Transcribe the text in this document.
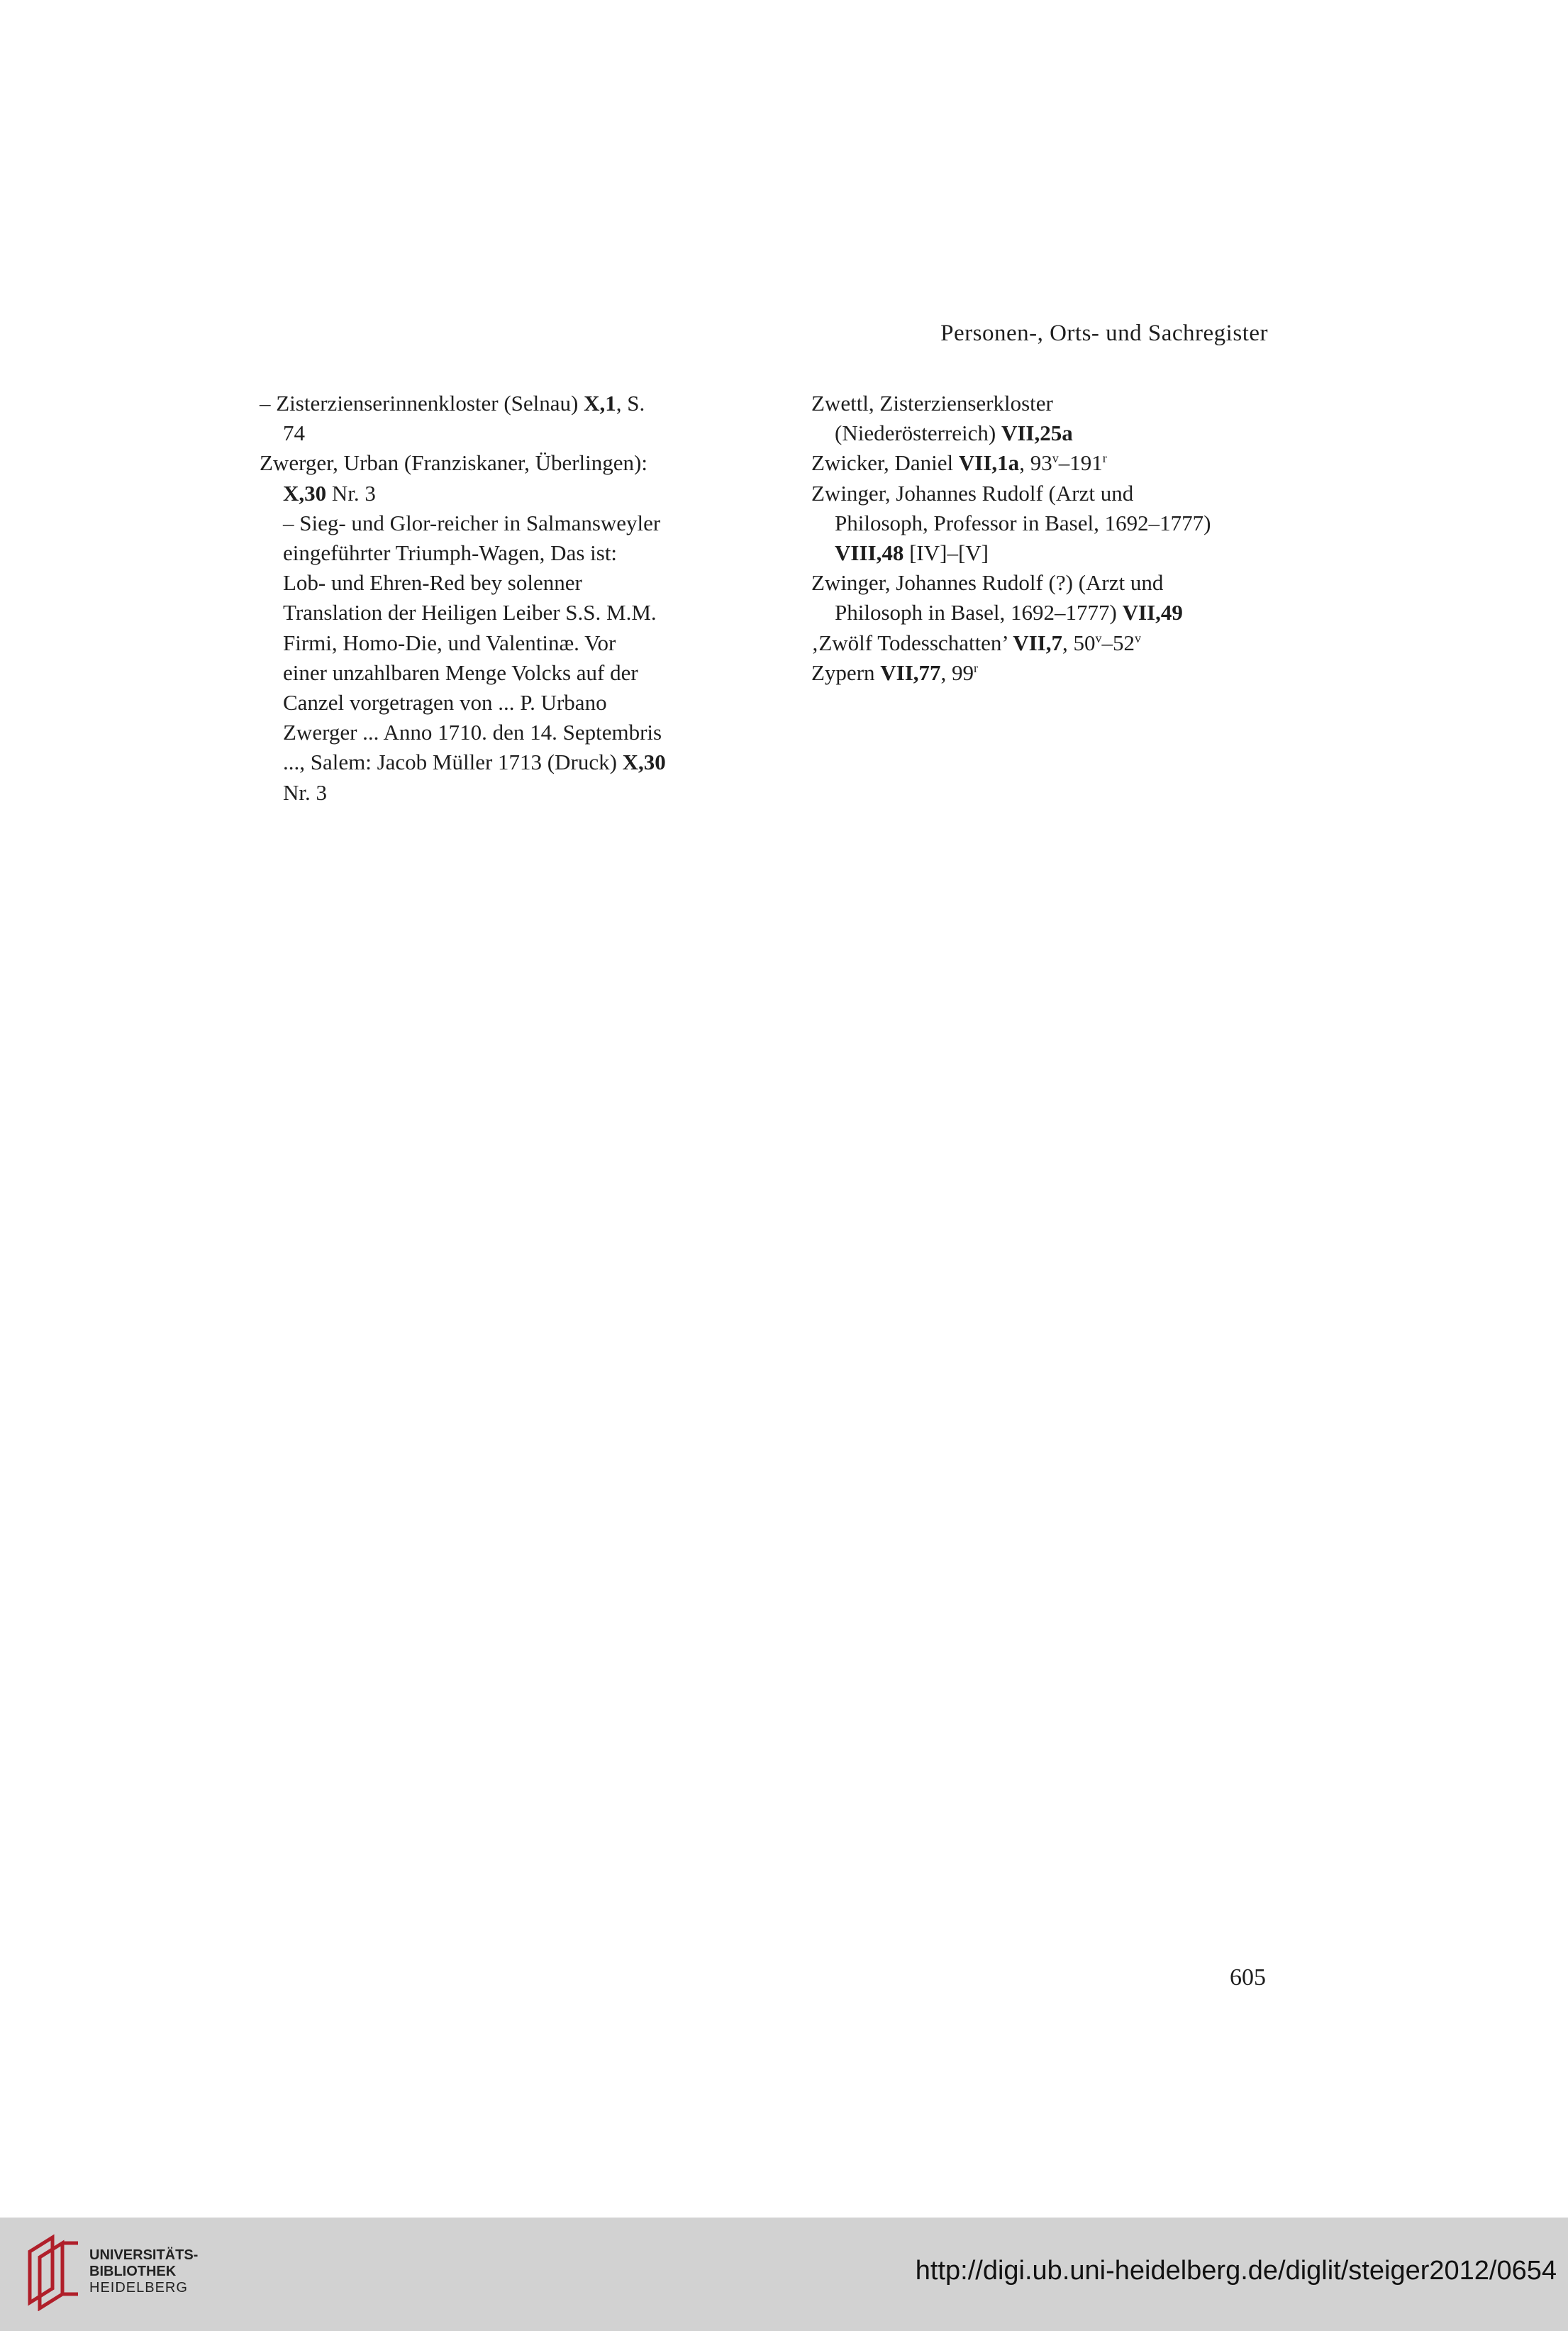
Personen-, Orts- und Sachregister
– Zisterzienserinnenkloster (Selnau) X,1, S.
74
Zwerger, Urban (Franziskaner, Überlingen):
X,30 Nr. 3
– Sieg- und Glor-reicher in Salmansweyler
eingeführter Triumph-Wagen, Das ist:
Lob- und Ehren-Red bey solenner
Translation der Heiligen Leiber S.S. M.M.
Firmi, Homo-Die, und Valentinæ. Vor
einer unzahlbaren Menge Volcks auf der
Canzel vorgetragen von ... P. Urbano
Zwerger ... Anno 1710. den 14. Septembris
..., Salem: Jacob Müller 1713 (Druck) X,30
Nr. 3
Zwettl, Zisterzienserkloster
(Niederösterreich) VII,25a
Zwicker, Daniel VII,1a, 93$^v$–191$^r$
Zwinger, Johannes Rudolf (Arzt und
Philosoph, Professor in Basel, 1692–1777)
VIII,48 [IV]–[V]
Zwinger, Johannes Rudolf (?) (Arzt und
Philosoph in Basel, 1692–1777) VII,49
‚Zwölf Todesschatten’ VII,7, 50$^v$–52$^v$
Zypern VII,77, 99$^r$
605
UNIVERSITÄTS-
BIBLIOTHEK
HEIDELBERG
http://digi.ub.uni-heidelberg.de/diglit/steiger2012/0654
